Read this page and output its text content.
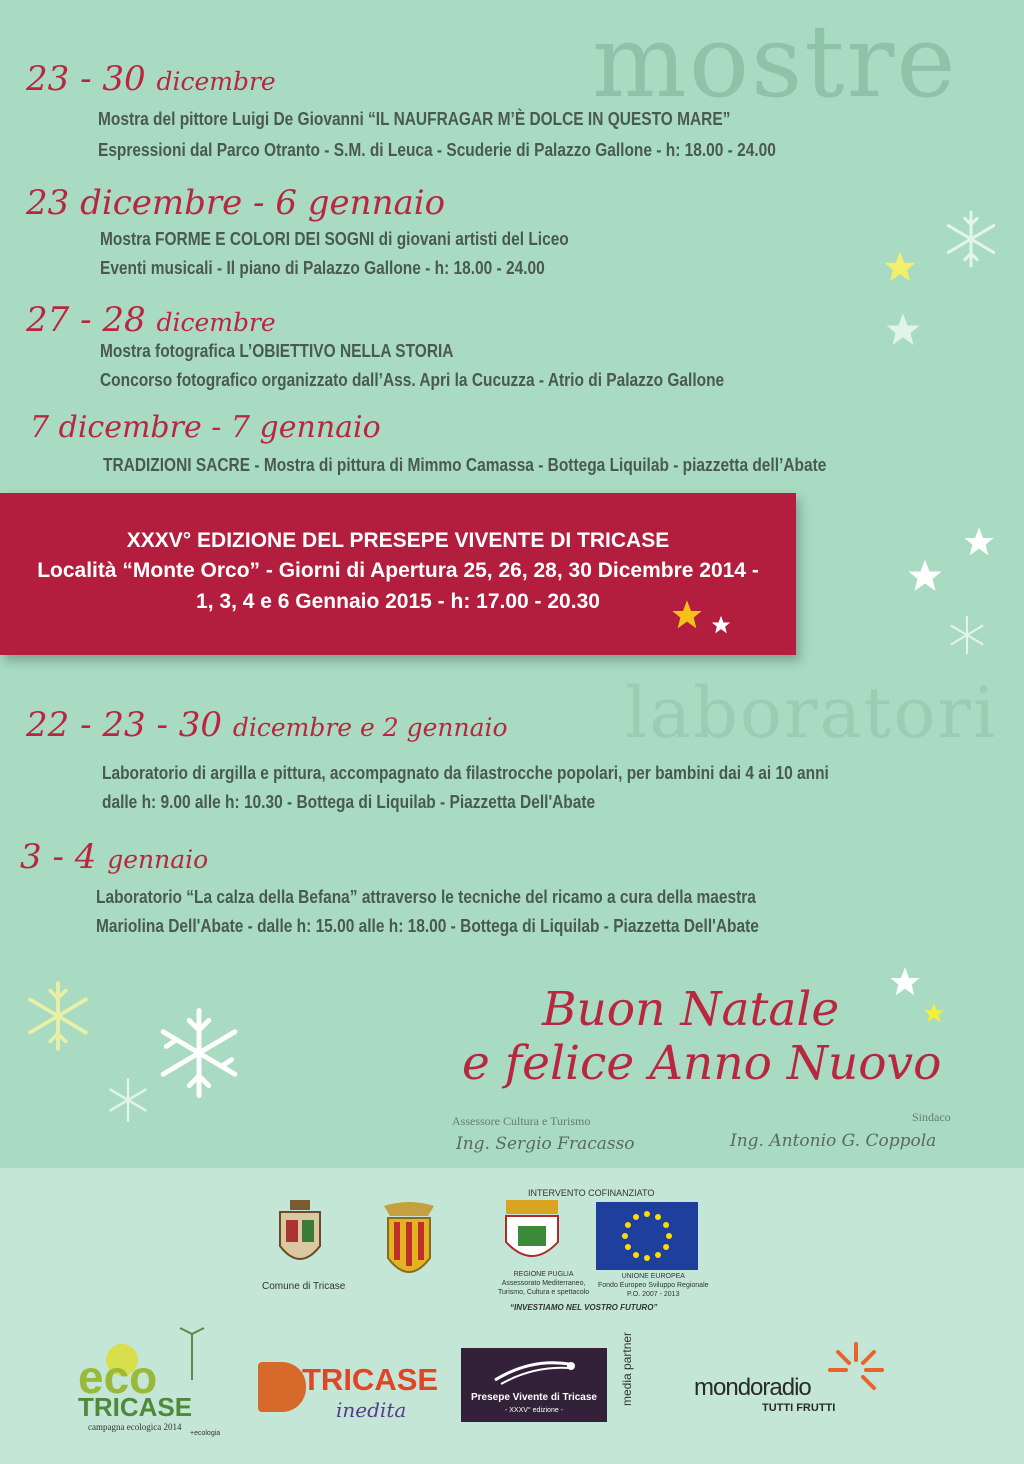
mostre
laboratori
23 - 30 dicembre
Mostra del pittore Luigi De Giovanni “IL NAUFRAGAR M’È DOLCE IN QUESTO MARE”
Espressioni dal Parco Otranto - S.M. di Leuca - Scuderie di Palazzo Gallone - h: 18.00 - 24.00
23 dicembre - 6 gennaio
Mostra FORME E COLORI DEI SOGNI di giovani artisti del Liceo
Eventi musicali - Il piano di Palazzo Gallone - h: 18.00 - 24.00
27 - 28 dicembre
Mostra fotografica L’OBIETTIVO NELLA STORIA
Concorso fotografico organizzato dall’Ass. Apri la Cucuzza - Atrio di Palazzo Gallone
7 dicembre - 7 gennaio
TRADIZIONI SACRE - Mostra di pittura di Mimmo Camassa - Bottega Liquilab - piazzetta dell’Abate
XXXV° EDIZIONE DEL PRESEPE VIVENTE DI TRICASE
Località “Monte Orco” - Giorni di Apertura 25, 26, 28, 30 Dicembre 2014 -
1, 3, 4 e 6 Gennaio 2015 - h: 17.00 - 20.30
22 - 23 - 30 dicembre e 2 gennaio
Laboratorio di argilla e pittura, accompagnato da filastrocche popolari, per bambini dai 4 ai 10 anni
dalle h: 9.00 alle h: 10.30 - Bottega di Liquilab - Piazzetta Dell'Abate
3 - 4 gennaio
Laboratorio “La calza della Befana” attraverso le tecniche del ricamo a cura della maestra
Mariolina Dell'Abate - dalle h: 15.00 alle h: 18.00 - Bottega di Liquilab - Piazzetta Dell'Abate
Buon Natale
e felice Anno Nuovo
Assessore Cultura e Turismo
Ing. Sergio Fracasso
Sindaco
Ing. Antonio G. Coppola
Comune di Tricase
INTERVENTO COFINANZIATO
REGIONE PUGLIA
Assessorato Mediterraneo,
Turismo, Cultura e spettacolo
UNIONE EUROPEA
Fondo Europeo Sviluppo Regionale
P.O. 2007 - 2013
“INVESTIAMO NEL VOSTRO FUTURO”
eco
TRICASE
campagna ecologica 2014
+ecologia
TRICASE
inedita
Presepe Vivente di Tricase
- XXXV° edizione -
media partner	mondoradio
TUTTI FRUTTI
